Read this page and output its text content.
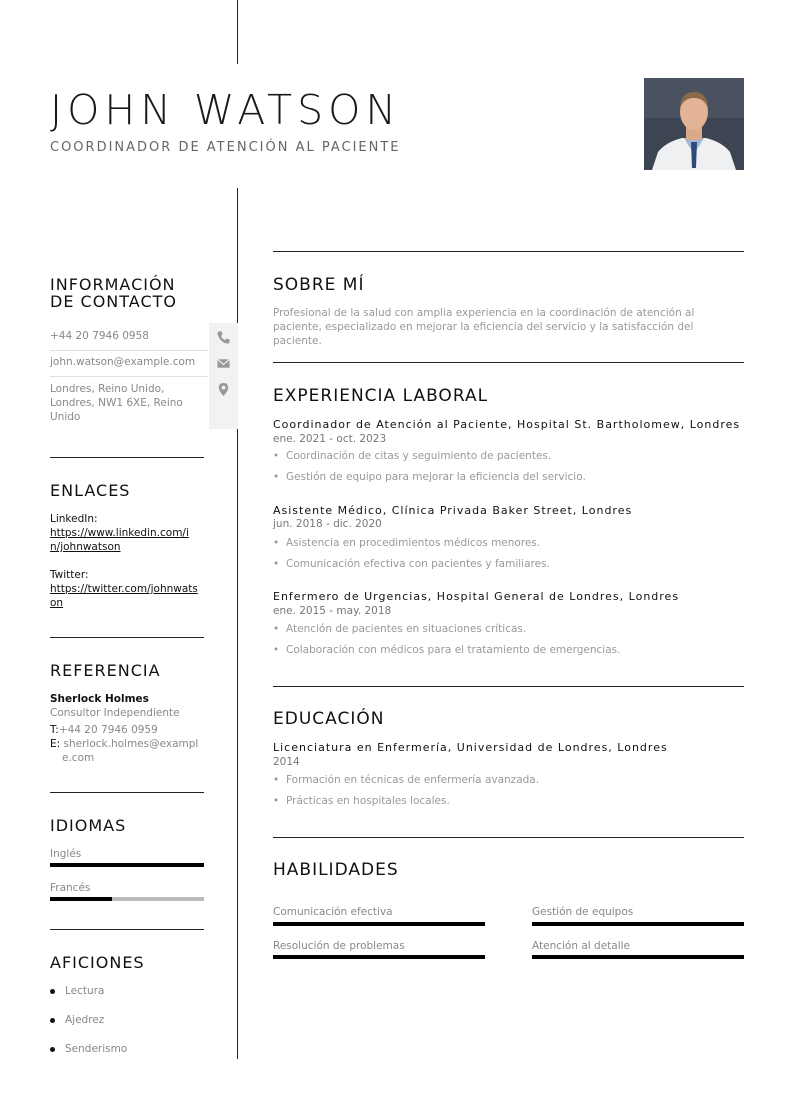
JOHN WATSON
COORDINADOR DE ATENCIÓN AL PACIENTE
INFORMACIÓN
DE CONTACTO
+44 20 7946 0958
john.watson@example.com
Londres, Reino Unido,
Londres, NW1 6XE, Reino
Unido
ENLACES
LinkedIn:
https://www.linkedin.com/i
n/johnwatson
Twitter:
https://twitter.com/johnwats
on
REFERENCIA
Sherlock Holmes
Consultor Independiente
T:+44 20 7946 0959
E: sherlock.holmes@exampl
e.com
IDIOMAS
Inglés
Francés
AFICIONES
Lectura
Ajedrez
Senderismo
SOBRE MÍ
Profesional de la salud con amplia experiencia en la coordinación de atención al
paciente, especializado en mejorar la eficiencia del servicio y la satisfacción del paciente.
EXPERIENCIA LABORAL
Coordinador de Atención al Paciente, Hospital St. Bartholomew, Londres
ene. 2021 - oct. 2023
• Coordinación de citas y seguimiento de pacientes.
• Gestión de equipo para mejorar la eficiencia del servicio.
Asistente Médico, Clínica Privada Baker Street, Londres
jun. 2018 - dic. 2020
• Asistencia en procedimientos médicos menores.
• Comunicación efectiva con pacientes y familiares.
Enfermero de Urgencias, Hospital General de Londres, Londres
ene. 2015 - may. 2018
• Atención de pacientes en situaciones críticas.
• Colaboración con médicos para el tratamiento de emergencias.
EDUCACIÓN
Licenciatura en Enfermería, Universidad de Londres, Londres
2014
• Formación en técnicas de enfermería avanzada.
• Prácticas en hospitales locales.
HABILIDADES
Comunicación efectiva	Gestión de equipos
Resolución de problemas	Atención al detalle
